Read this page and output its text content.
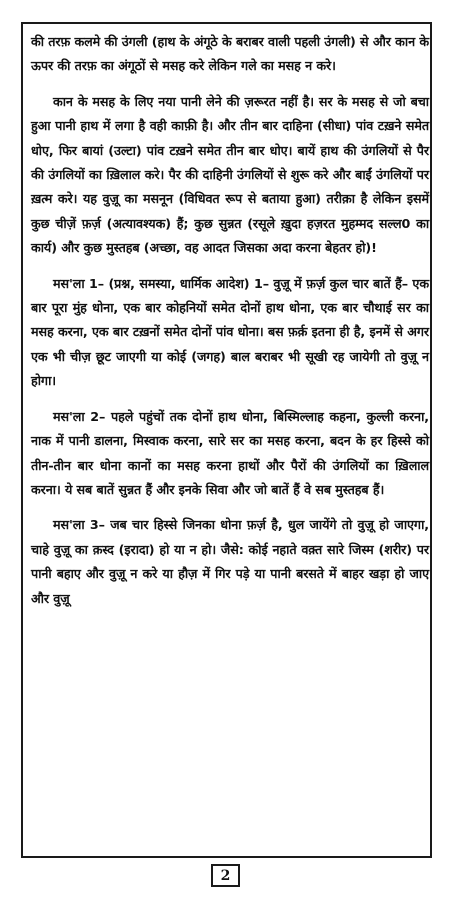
की तरफ़ कलमे की उंगली (हाथ के अंगूठे के बराबर वाली पहली उंगली) से और कान के ऊपर की तरफ़ का अंगूठों से मसह करे लेकिन गले का मसह न करे।

कान के मसह के लिए नया पानी लेने की ज़रूरत नहीं है। सर के मसह से जो बचा हुआ पानी हाथ में लगा है वही काफ़ी है। और तीन बार दाहिना (सीधा) पांव टख़ने समेत धोए, फिर बायां (उल्टा) पांव टख़ने समेत तीन बार धोए। बायें हाथ की उंगलियों से पैर की उंगलियों का ख़िलाल करे। पैर की दाहिनी उंगलियों से शुरू करे और बाईं उंगलियों पर ख़त्म करे। यह वुज़ू का मसनून (विधिवत रूप से बताया हुआ) तरीक़ा है लेकिन इसमें कुछ चीज़ें फ़र्ज़ (अत्यावश्यक) हैं; कुछ सुन्नत (रसूले ख़ुदा हज़रत मुहम्मद सल्ल0 का कार्य) और कुछ मुस्तहब (अच्छा, वह आदत जिसका अदा करना बेहतर हो)!

मस'ला 1– (प्रश्न, समस्या, धार्मिक आदेश) 1– वुज़ू में फ़र्ज़ कुल चार बातें हैं– एक बार पूरा मुंह धोना, एक बार कोहनियों समेत दोनों हाथ धोना, एक बार चौथाई सर का मसह करना, एक बार टख़नों समेत दोनों पांव धोना। बस फ़र्क़ इतना ही है, इनमें से अगर एक भी चीज़ छूट जाएगी या कोई (जगह) बाल बराबर भी सूखी रह जायेगी तो वुज़ू न होगा।

मस'ला 2– पहले पहुंचों तक दोनों हाथ धोना, बिस्मिल्लाह कहना, कुल्ली करना, नाक में पानी डालना, मिस्वाक करना, सारे सर का मसह करना, बदन के हर हिस्से को तीन-तीन बार धोना कानों का मसह करना हाथों और पैरों की उंगलियों का ख़िलाल करना। ये सब बातें सुन्नत हैं और इनके सिवा और जो बातें हैं वे सब मुस्तहब हैं।

मस'ला 3– जब चार हिस्से जिनका धोना फ़र्ज़ है, धुल जायेंगे तो वुज़ू हो जाएगा, चाहे वुज़ू का क़स्द (इरादा) हो या न हो। जैसे: कोई नहाते वक़्त सारे जिस्म (शरीर) पर पानी बहाए और वुज़ू न करे या हौज़ में गिर पड़े या पानी बरसते में बाहर खड़ा हो जाए और वुज़ू

2
